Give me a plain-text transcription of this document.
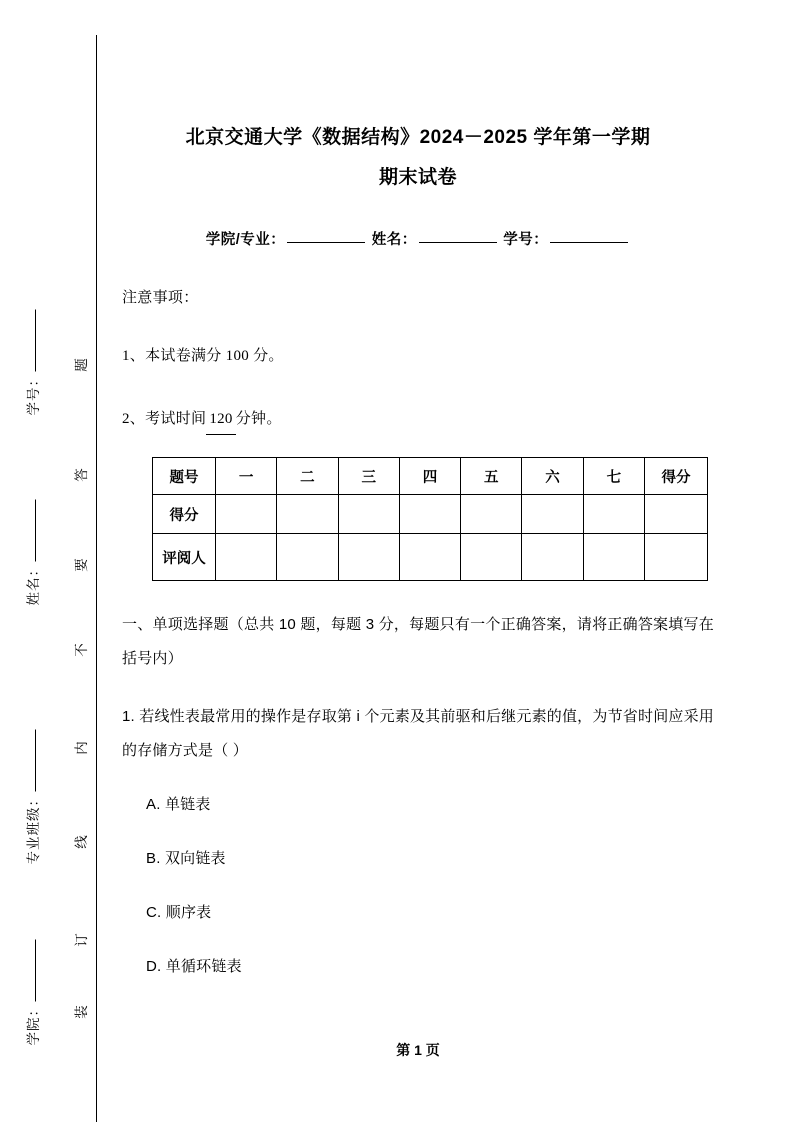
学号：
姓名：
专业班级：
学院：
题
答
要
不
内
线
订
装
北京交通大学《数据结构》2024－2025 学年第一学期
期末试卷
学院/专业：	姓名：	学号：
注意事项：
1、本试卷满分 100 分。
2、考试时间 120 分钟。
题号	一	二	三	四	五	六	七	得分
得分								
评阅人								
一、单项选择题（总共 10 题，每题 3 分，每题只有一个正确答案，请将正确答案填写在括号内）
1. 若线性表最常用的操作是存取第 i 个元素及其前驱和后继元素的值，为节省时间应采用的存储方式是（ ）
A. 单链表
B. 双向链表
C. 顺序表
D. 单循环链表
第 1 页
